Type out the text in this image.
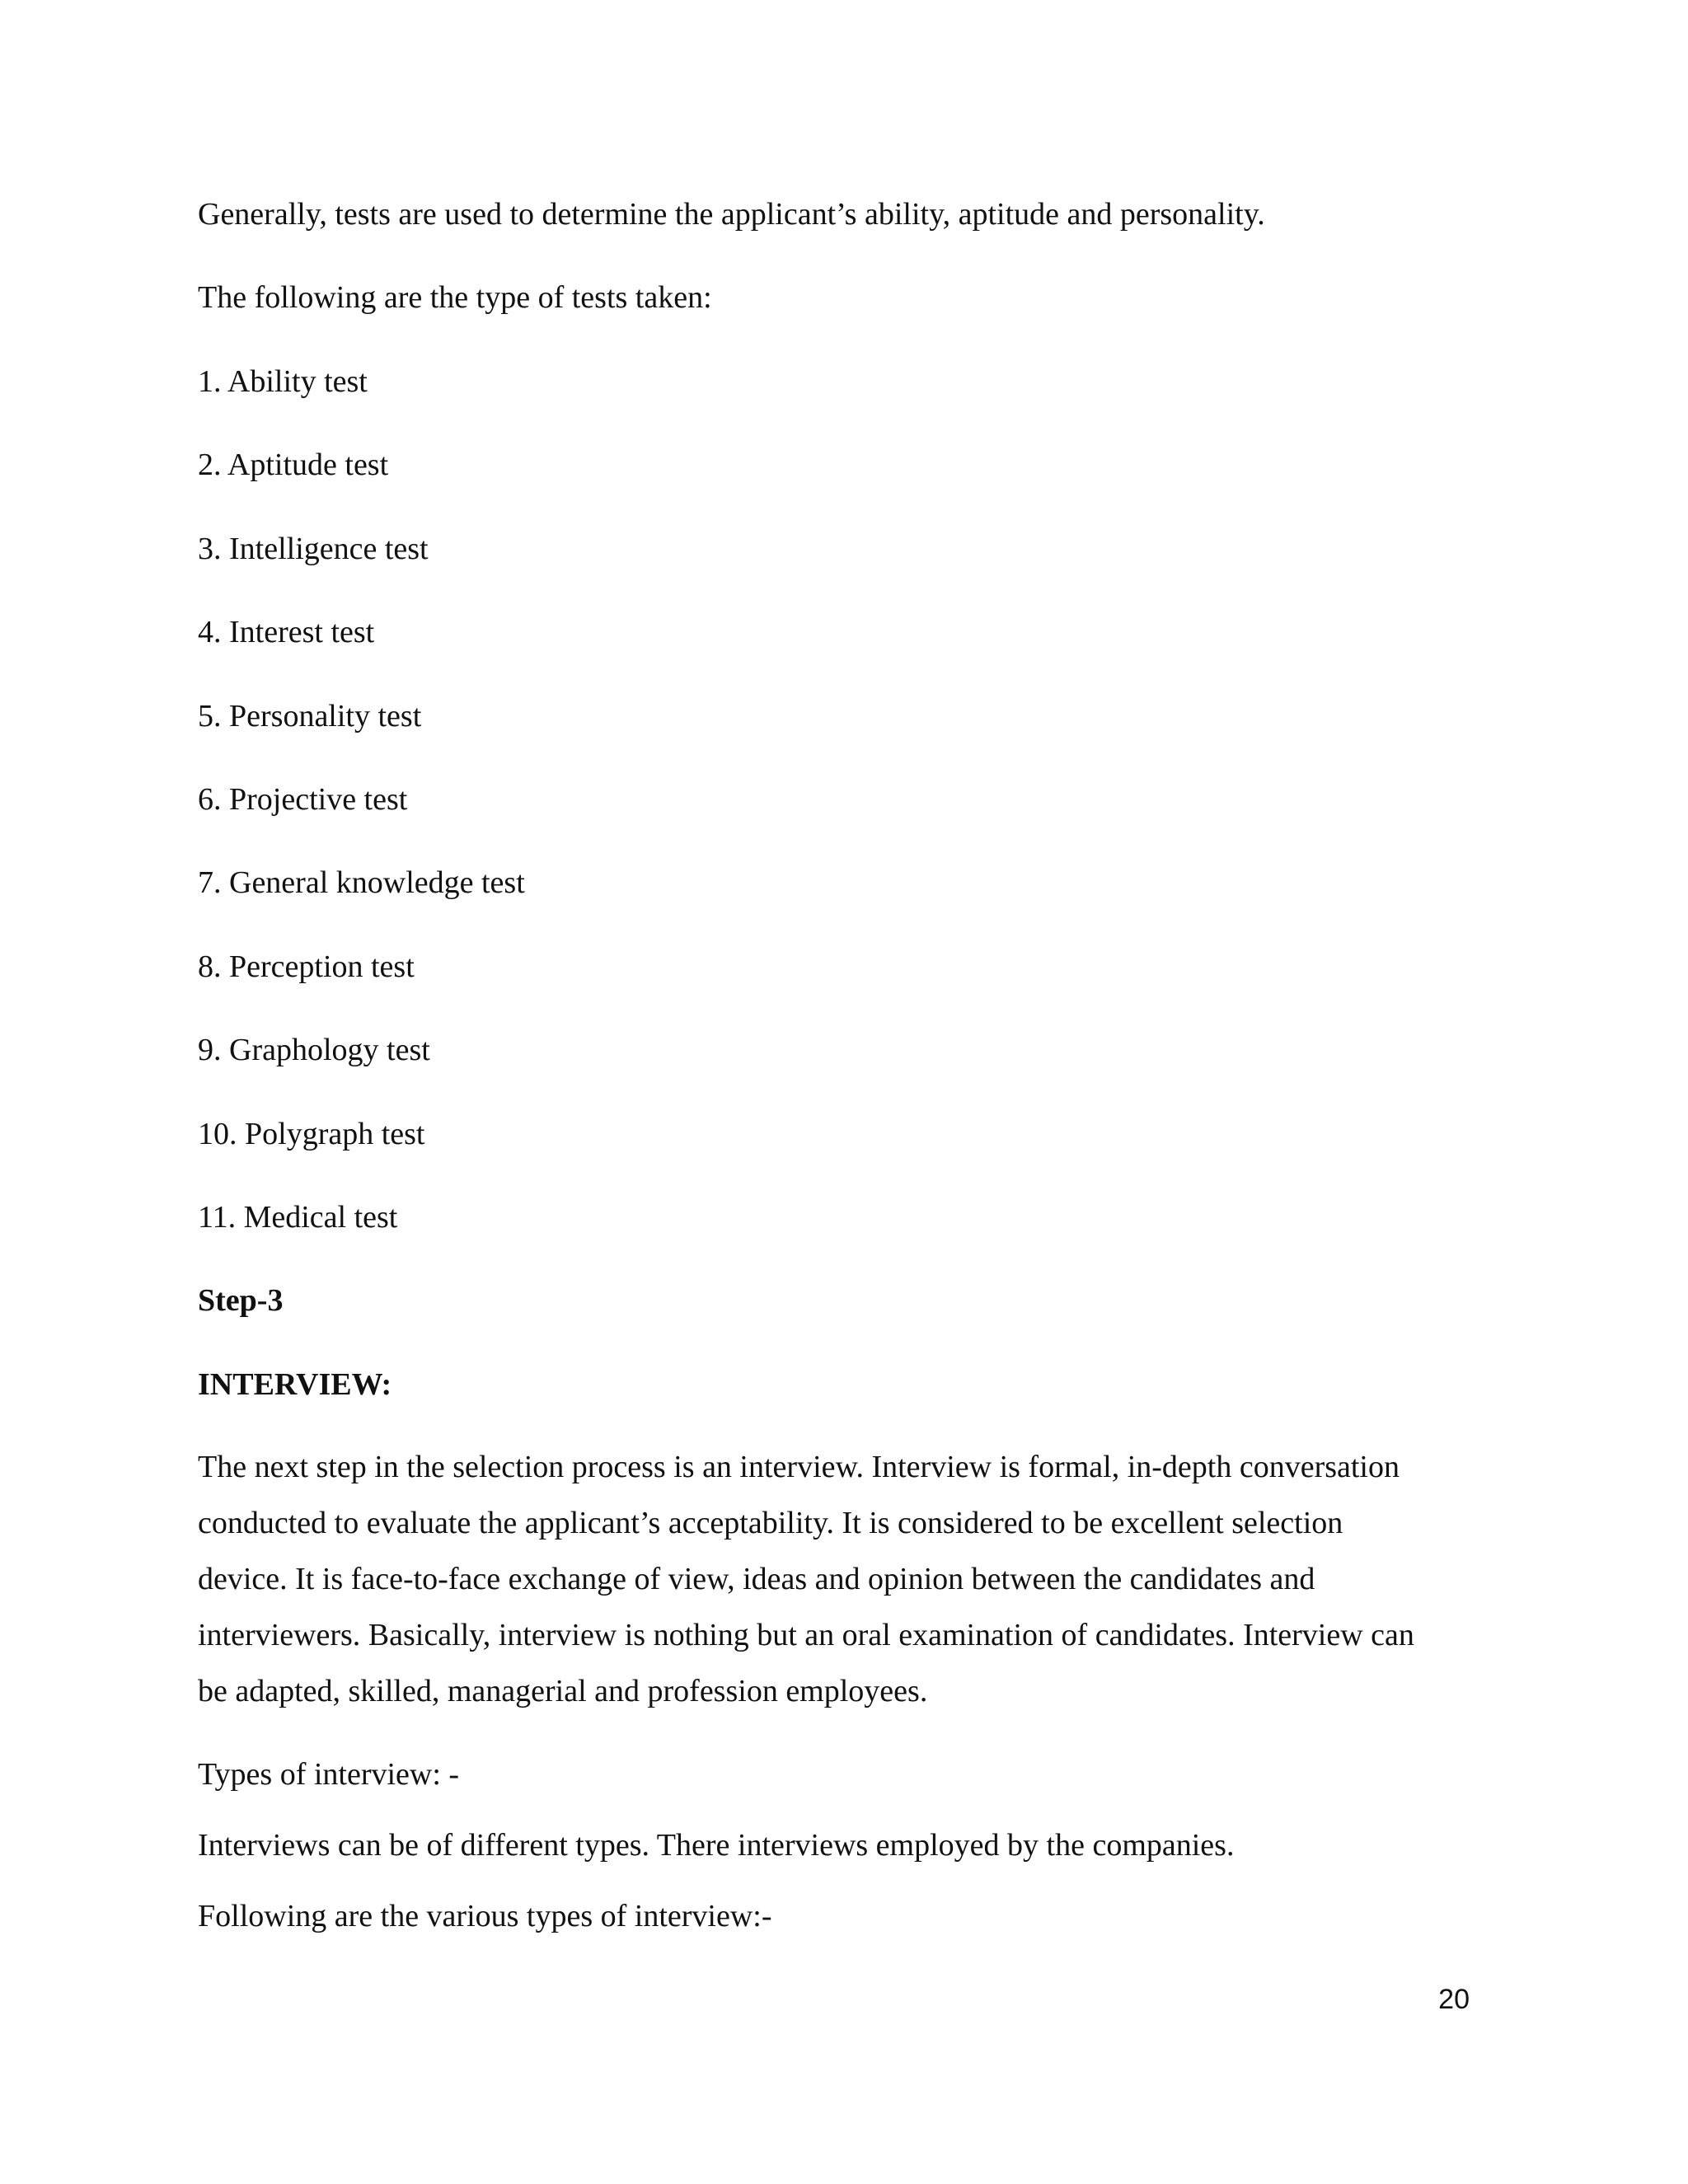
Generally, tests are used to determine the applicant’s ability, aptitude and personality.
The following are the type of tests taken:
1. Ability test
2. Aptitude test
3. Intelligence test
4. Interest test
5. Personality test
6. Projective test
7. General knowledge test
8. Perception test
9. Graphology test
10. Polygraph test
11. Medical test
Step-3
INTERVIEW:
The next step in the selection process is an interview. Interview is formal, in-depth conversation
conducted to evaluate the applicant’s acceptability. It is considered to be excellent selection
device. It is face-to-face exchange of view, ideas and opinion between the candidates and
interviewers. Basically, interview is nothing but an oral examination of candidates. Interview can
be adapted, skilled, managerial and profession employees.
Types of interview: -
Interviews can be of different types. There interviews employed by the companies.
Following are the various types of interview:-
20
